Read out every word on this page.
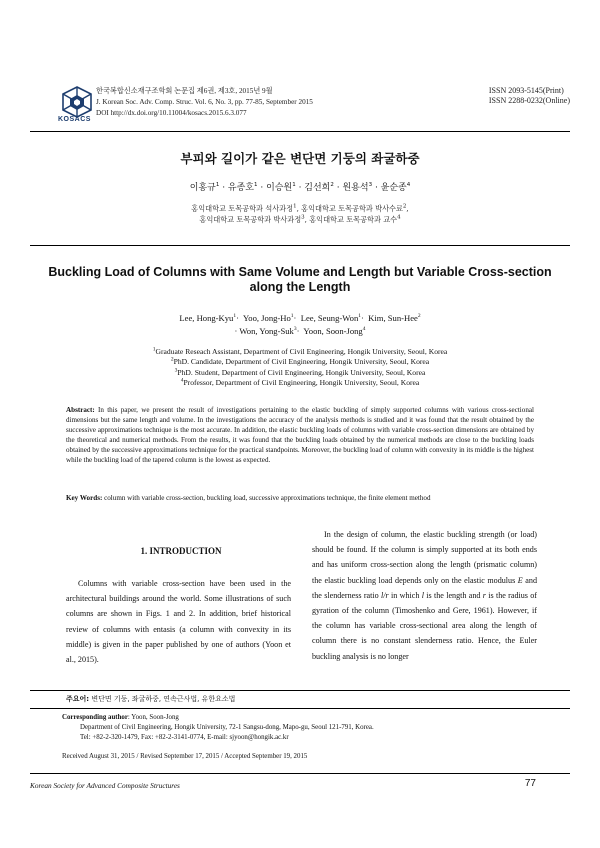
KOSACS
한국복합신소재구조학회 논문집 제6권, 제3호, 2015년 9월
J. Korean Soc. Adv. Comp. Struc. Vol. 6, No. 3, pp. 77-85, September 2015
DOI http://dx.doi.org/10.11004/kosacs.2015.6.3.077
ISSN 2093-5145(Print)
ISSN 2288-0232(Online)
부피와 길이가 같은 변단면 기둥의 좌굴하중
이홍규$^1$ · 유종호$^1$ · 이승원$^1$ · 김선희$^2$ · 원용석$^3$ · 윤순종$^4$
홍익대학교 토목공학과 석사과정$^1$, 홍익대학교 토목공학과 박사수료$^2$,
홍익대학교 토목공학과 박사과정$^3$, 홍익대학교 토목공학과 교수$^4$
Buckling Load of Columns with Same Volume and Length but Variable Cross-section along the Length
Lee, Hong-Kyu$^1$·  Yoo, Jong-$Ho^1\cdot$  Lee, Seung-Won$^1$·  Kim, Sun-Hee$^2$
· Won, Yong-Suk$^3$·  Yoon, Soon-Jong$^4$
$^1$Graduate Reseach Assistant, Department of Civil Engineering, Hongik University, Seoul, Korea
$^2$PhD. Candidate, Department of Civil Engineering, Hongik University, Seoul, Korea
$^3$PhD. Student, Department of Civil Engineering, Hongik University, Seoul, Korea
$^4$Professor, Department of Civil Engineering, Hongik University, Seoul, Korea
Abstract: In this paper, we present the result of investigations pertaining to the elastic buckling of simply supported columns with various cross-sectional dimensions but the same length and volume. In the investigations the accuracy of the analysis methods is studied and it was found that the result obtained by the successive approximations technique is the most accurate. In addition, the elastic buckling loads of columns with variable cross-section dimensions are obtained by the theoretical and numerical methods. From the results, it was found that the buckling loads obtained by the numerical methods are close to the buckling loads obtained by the successive approximations technique for the practical standpoints. Moreover, the buckling load of column with convexity in its middle is the highest while the buckling load of the tapered column is the lowest as expected.
Key Words: column with variable cross-section, buckling load, successive approximations technique, the finite element method
1. INTRODUCTION
Columns with variable cross-section have been used in the architectural buildings around the world. Some illustrations of such columns are shown in Figs. 1 and 2. In addition, brief historical review of columns with entasis (a column with convexity in its middle) is given in the paper published by one of authors (Yoon et al., 2015).
In the design of column, the elastic buckling strength (or load) should be found. If the column is simply supported at its both ends and has uniform cross-section along the length (prismatic column) the elastic buckling load depends only on the elastic modulus E and the slenderness ratio l/r in which l is the length and r is the radius of gyration of the column (Timoshenko and Gere, 1961). However, if the column has variable cross-sectional area along the length of column there is no constant slenderness ratio. Hence, the Euler buckling analysis is no longer
주요어: 변단면 기둥, 좌굴하중, 연속근사법, 유한요소법
Corresponding author: Yoon, Soon-Jong
Department of Civil Engineering, Hongik University, 72-1 Sangsu-dong, Mapo-gu, Seoul 121-791, Korea.
Tel: +82-2-320-1479, Fax: +82-2-3141-0774, E-mail: sjyoon@hongik.ac.kr
Received August 31, 2015 / Revised September 17, 2015 / Accepted September 19, 2015
Korean Society for Advanced Composite Structures	77
